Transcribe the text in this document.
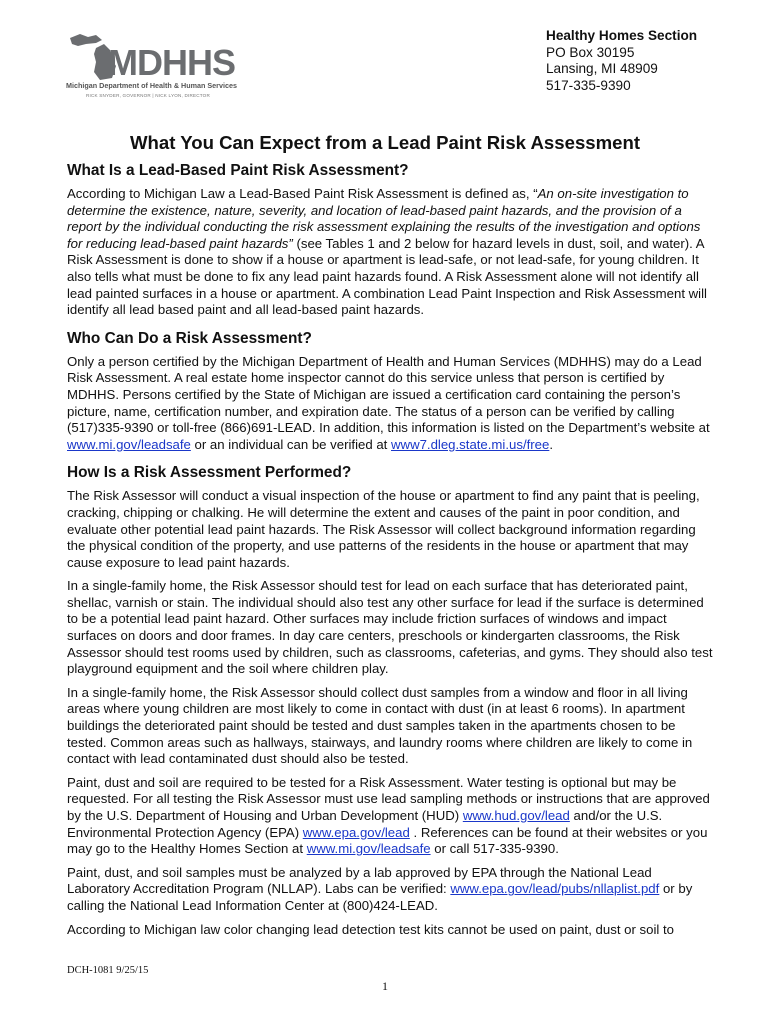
MDHHS
Michigan Department of Health & Human Services
RICK SNYDER, GOVERNOR | NICK LYON, DIRECTOR
Healthy Homes Section
PO Box 30195
Lansing, MI 48909
517-335-9390
What You Can Expect from a Lead Paint Risk Assessment
What Is a Lead-Based Paint Risk Assessment?

According to Michigan Law a Lead-Based Paint Risk Assessment is defined as, “An on-site investigation to determine the existence, nature, severity, and location of lead-based paint hazards, and the provision of a report by the individual conducting the risk assessment explaining the results of the investigation and options for reducing lead-based paint hazards” (see Tables 1 and 2 below for hazard levels in dust, soil, and water). A Risk Assessment is done to show if a house or apartment is lead-safe, or not lead-safe, for young children. It also tells what must be done to fix any lead paint hazards found. A Risk Assessment alone will not identify all lead painted surfaces in a house or apartment. A combination Lead Paint Inspection and Risk Assessment will identify all lead based paint and all lead-based paint hazards.

Who Can Do a Risk Assessment?

Only a person certified by the Michigan Department of Health and Human Services (MDHHS) may do a Lead Risk Assessment. A real estate home inspector cannot do this service unless that person is certified by MDHHS. Persons certified by the State of Michigan are issued a certification card containing the person’s picture, name, certification number, and expiration date. The status of a person can be verified by calling (517)335-9390 or toll-free (866)691-LEAD. In addition, this information is listed on the Department’s website at www.mi.gov/leadsafe or an individual can be verified at www7.dleg.state.mi.us/free.

How Is a Risk Assessment Performed?

The Risk Assessor will conduct a visual inspection of the house or apartment to find any paint that is peeling, cracking, chipping or chalking. He will determine the extent and causes of the paint in poor condition, and evaluate other potential lead paint hazards. The Risk Assessor will collect background information regarding the physical condition of the property, and use patterns of the residents in the house or apartment that may cause exposure to lead paint hazards.

In a single-family home, the Risk Assessor should test for lead on each surface that has deteriorated paint, shellac, varnish or stain. The individual should also test any other surface for lead if the surface is determined to be a potential lead paint hazard. Other surfaces may include friction surfaces of windows and impact surfaces on doors and door frames. In day care centers, preschools or kindergarten classrooms, the Risk Assessor should test rooms used by children, such as classrooms, cafeterias, and gyms. They should also test playground equipment and the soil where children play.

In a single-family home, the Risk Assessor should collect dust samples from a window and floor in all living areas where young children are most likely to come in contact with dust (in at least 6 rooms). In apartment buildings the deteriorated paint should be tested and dust samples taken in the apartments chosen to be tested. Common areas such as hallways, stairways, and laundry rooms where children are likely to come in contact with lead contaminated dust should also be tested.

Paint, dust and soil are required to be tested for a Risk Assessment. Water testing is optional but may be requested. For all testing the Risk Assessor must use lead sampling methods or instructions that are approved by the U.S. Department of Housing and Urban Development (HUD) www.hud.gov/lead and/or the U.S. Environmental Protection Agency (EPA) www.epa.gov/lead . References can be found at their websites or you may go to the Healthy Homes Section at www.mi.gov/leadsafe or call 517-335-9390.

Paint, dust, and soil samples must be analyzed by a lab approved by EPA through the National Lead Laboratory Accreditation Program (NLLAP). Labs can be verified: www.epa.gov/lead/pubs/nllaplist.pdf or by calling the National Lead Information Center at (800)424-LEAD.

According to Michigan law color changing lead detection test kits cannot be used on paint, dust or soil to

DCH-1081 9/25/15
1
